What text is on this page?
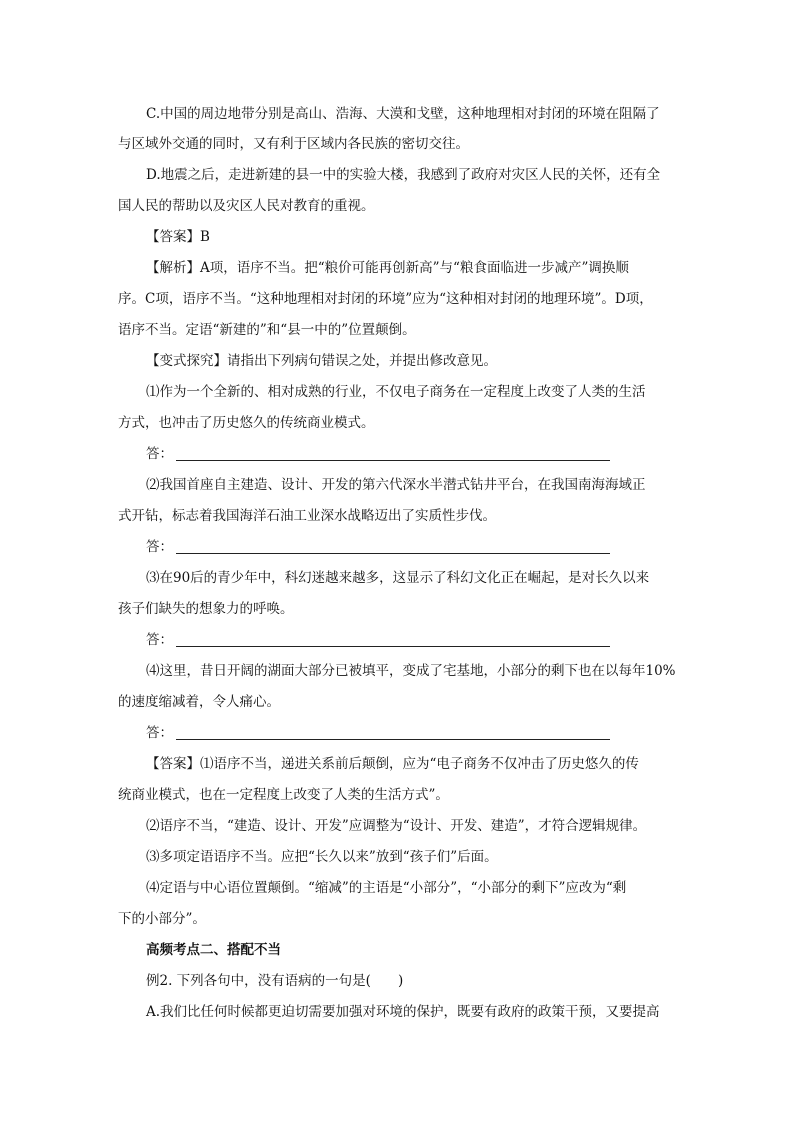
C.中国的周边地带分别是高山、浩海、大漠和戈壁，这种地理相对封闭的环境在阻隔了
与区域外交通的同时，又有利于区域内各民族的密切交往。
D.地震之后，走进新建的县一中的实验大楼，我感到了政府对灾区人民的关怀，还有全
国人民的帮助以及灾区人民对教育的重视。
【答案】B
【解析】A项，语序不当。把“粮价可能再创新高”与“粮食面临进一步减产”调换顺
序。C项，语序不当。“这种地理相对封闭的环境”应为“这种相对封闭的地理环境”。D项，
语序不当。定语“新建的”和“县一中的”位置颠倒。
【变式探究】请指出下列病句错误之处，并提出修改意见。
⑴作为一个全新的、相对成熟的行业，不仅电子商务在一定程度上改变了人类的生活
方式，也冲击了历史悠久的传统商业模式。
答：
⑵我国首座自主建造、设计、开发的第六代深水半潜式钻井平台，在我国南海海域正
式开钻，标志着我国海洋石油工业深水战略迈出了实质性步伐。
答：
⑶在90后的青少年中，科幻迷越来越多，这显示了科幻文化正在崛起，是对长久以来
孩子们缺失的想象力的呼唤。
答：
⑷这里，昔日开阔的湖面大部分已被填平，变成了宅基地，小部分的剩下也在以每年10%
的速度缩减着，令人痛心。
答：
【答案】⑴语序不当，递进关系前后颠倒，应为“电子商务不仅冲击了历史悠久的传
统商业模式，也在一定程度上改变了人类的生活方式”。
⑵语序不当，“建造、设计、开发”应调整为“设计、开发、建造”，才符合逻辑规律。
⑶多项定语语序不当。应把“长久以来”放到“孩子们”后面。
⑷定语与中心语位置颠倒。“缩减”的主语是“小部分”，“小部分的剩下”应改为“剩
下的小部分”。
高频考点二、搭配不当
例2. 下列各句中，没有语病的一句是(　　)
A.我们比任何时候都更迫切需要加强对环境的保护，既要有政府的政策干预，又要提高
